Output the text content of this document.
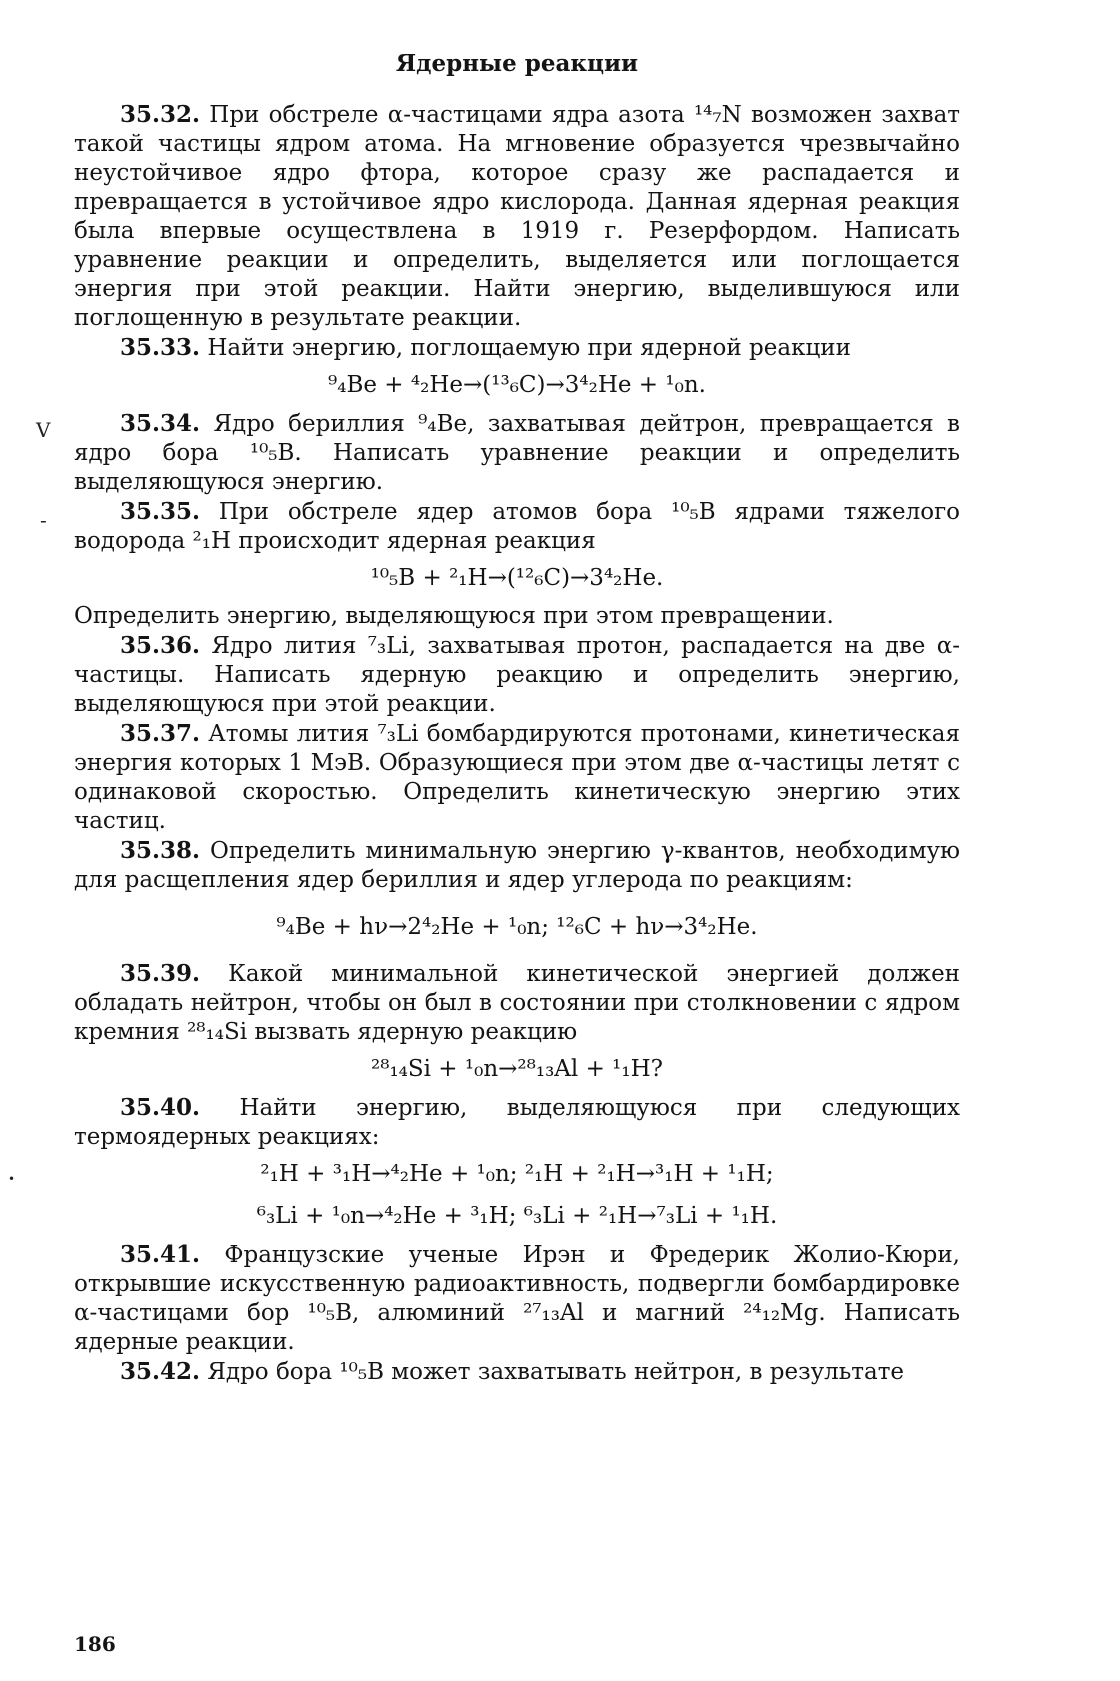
Ядерные реакции

35.32. При обстреле α-частицами ядра азота ¹⁴₇N возможен захват такой частицы ядром атома. На мгновение образуется чрезвычайно неустойчивое ядро фтора, которое сразу же распадается и превращается в устойчивое ядро кислорода. Данная ядерная реакция была впервые осуществлена в 1919 г. Резерфордом. Написать уравнение реакции и определить, выделяется или поглощается энергия при этой реакции. Найти энергию, выделившуюся или поглощенную в результате реакции.

35.33. Найти энергию, поглощаемую при ядерной реакции

⁹₄Be + ⁴₂He→(¹³₆C)→3⁴₂He + ¹₀n.

35.34. Ядро бериллия ⁹₄Be, захватывая дейтрон, превращается в ядро бора ¹⁰₅B. Написать уравнение реакции и определить выделяющуюся энергию.

35.35. При обстреле ядер атомов бора ¹⁰₅B ядрами тяжелого водорода ²₁H происходит ядерная реакция

¹⁰₅B + ²₁H→(¹²₆C)→3⁴₂He.

Определить энергию, выделяющуюся при этом превращении.

35.36. Ядро лития ⁷₃Li, захватывая протон, распадается на две α-частицы. Написать ядерную реакцию и определить энергию, выделяющуюся при этой реакции.

35.37. Атомы лития ⁷₃Li бомбардируются протонами, кинетическая энергия которых 1 МэВ. Образующиеся при этом две α-частицы летят с одинаковой скоростью. Определить кинетическую энергию этих частиц.

35.38. Определить минимальную энергию γ-квантов, необходимую для расщепления ядер бериллия и ядер углерода по реакциям:

⁹₄Be + hν→2⁴₂He + ¹₀n; ¹²₆C + hν→3⁴₂He.

35.39. Какой минимальной кинетической энергией должен обладать нейтрон, чтобы он был в состоянии при столкновении с ядром кремния ²⁸₁₄Si вызвать ядерную реакцию

²⁸₁₄Si + ¹₀n→²⁸₁₃Al + ¹₁H?

35.40. Найти энергию, выделяющуюся при следующих термоядерных реакциях:

²₁H + ³₁H→⁴₂He + ¹₀n; ²₁H + ²₁H→³₁H + ¹₁H;
⁶₃Li + ¹₀n→⁴₂He + ³₁H; ⁶₃Li + ²₁H→⁷₃Li + ¹₁H.

35.41. Французские ученые Ирэн и Фредерик Жолио-Кюри, открывшие искусственную радиоактивность, подвергли бомбардировке α-частицами бор ¹⁰₅B, алюминий ²⁷₁₃Al и магний ²⁴₁₂Mg. Написать ядерные реакции.

35.42. Ядро бора ¹⁰₅B может захватывать нейтрон, в результате

186
V
-
•
